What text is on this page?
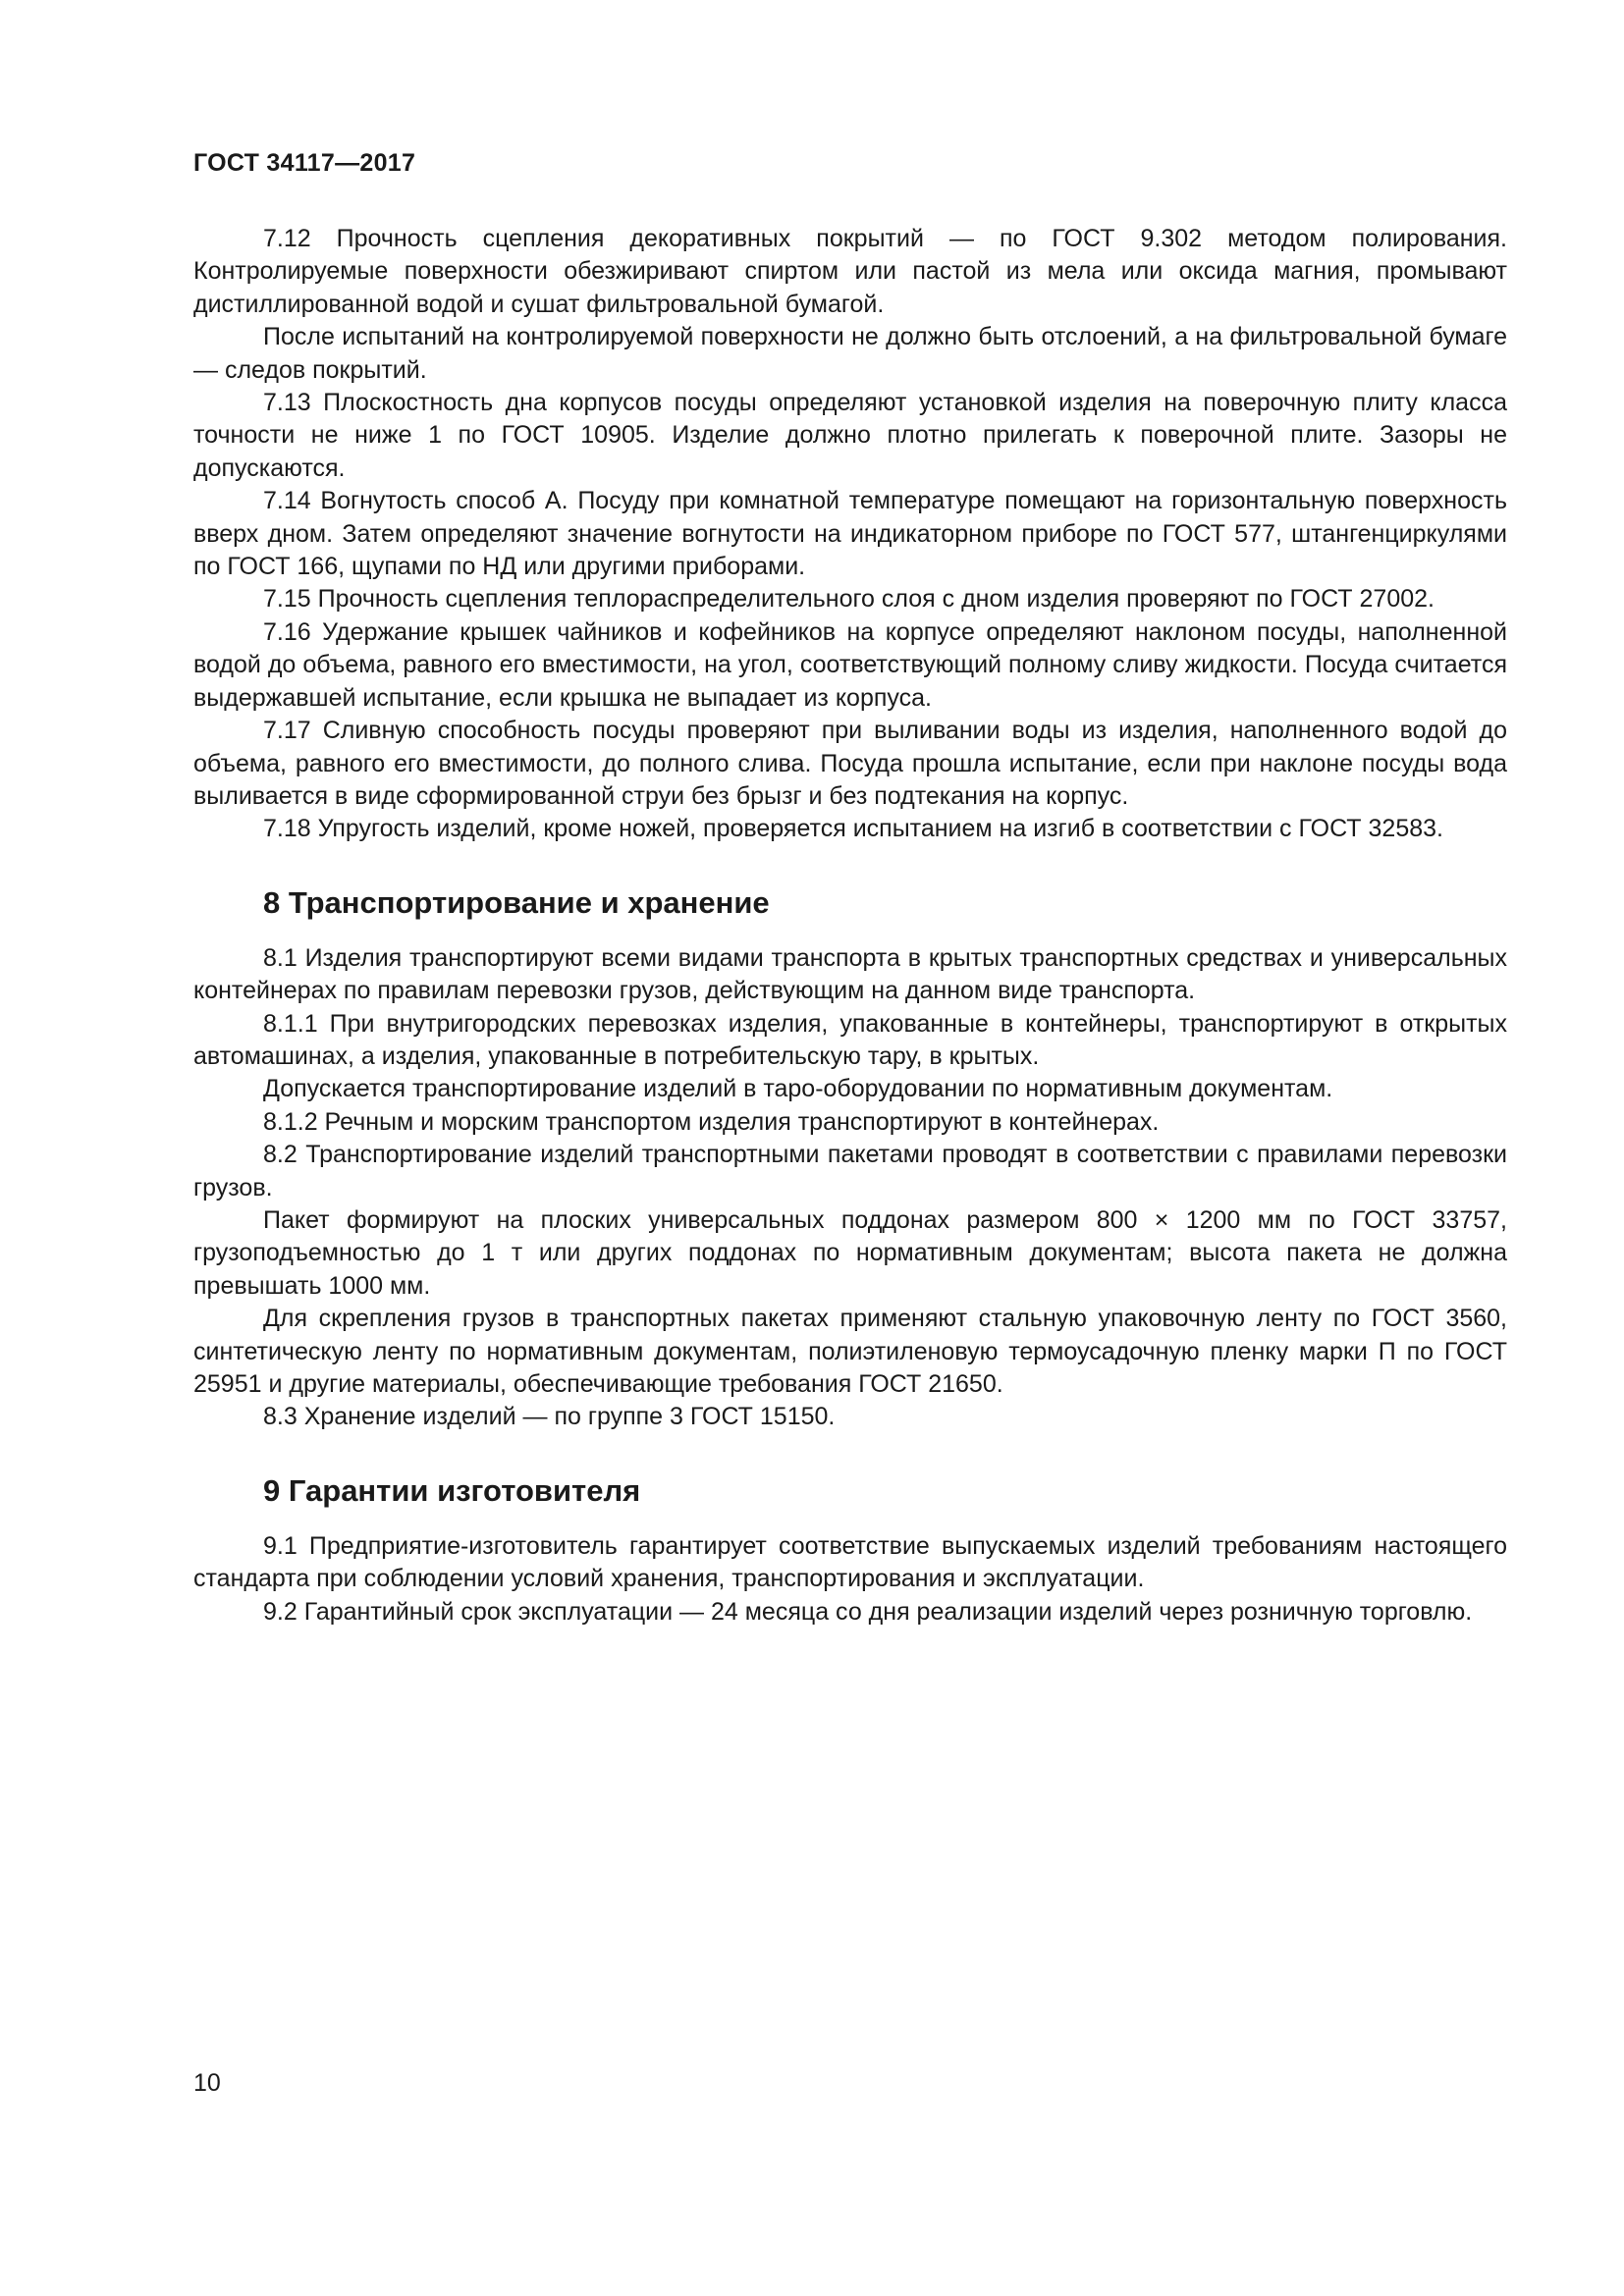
ГОСТ 34117—2017

7.12 Прочность сцепления декоративных покрытий — по ГОСТ 9.302 методом полирования. Контролируемые поверхности обезжиривают спиртом или пастой из мела или оксида магния, промывают дистиллированной водой и сушат фильтровальной бумагой.

После испытаний на контролируемой поверхности не должно быть отслоений, а на фильтровальной бумаге — следов покрытий.

7.13 Плоскостность дна корпусов посуды определяют установкой изделия на поверочную плиту класса точности не ниже 1 по ГОСТ 10905. Изделие должно плотно прилегать к поверочной плите. Зазоры не допускаются.

7.14 Вогнутость способ А. Посуду при комнатной температуре помещают на горизонтальную поверхность вверх дном. Затем определяют значение вогнутости на индикаторном приборе по ГОСТ 577, штангенциркулями по ГОСТ 166, щупами по НД или другими приборами.

7.15 Прочность сцепления теплораспределительного слоя с дном изделия проверяют по ГОСТ 27002.

7.16 Удержание крышек чайников и кофейников на корпусе определяют наклоном посуды, наполненной водой до объема, равного его вместимости, на угол, соответствующий полному сливу жидкости. Посуда считается выдержавшей испытание, если крышка не выпадает из корпуса.

7.17 Сливную способность посуды проверяют при выливании воды из изделия, наполненного водой до объема, равного его вместимости, до полного слива. Посуда прошла испытание, если при наклоне посуды вода выливается в виде сформированной струи без брызг и без подтекания на корпус.

7.18 Упругость изделий, кроме ножей, проверяется испытанием на изгиб в соответствии с ГОСТ 32583.

8 Транспортирование и хранение

8.1 Изделия транспортируют всеми видами транспорта в крытых транспортных средствах и универсальных контейнерах по правилам перевозки грузов, действующим на данном виде транспорта.

8.1.1 При внутригородских перевозках изделия, упакованные в контейнеры, транспортируют в открытых автомашинах, а изделия, упакованные в потребительскую тару, в крытых.

Допускается транспортирование изделий в таро-оборудовании по нормативным документам.

8.1.2 Речным и морским транспортом изделия транспортируют в контейнерах.

8.2 Транспортирование изделий транспортными пакетами проводят в соответствии с правилами перевозки грузов.

Пакет формируют на плоских универсальных поддонах размером 800 × 1200 мм по ГОСТ 33757, грузоподъемностью до 1 т или других поддонах по нормативным документам; высота пакета не должна превышать 1000 мм.

Для скрепления грузов в транспортных пакетах применяют стальную упаковочную ленту по ГОСТ 3560, синтетическую ленту по нормативным документам, полиэтиленовую термоусадочную пленку марки П по ГОСТ 25951 и другие материалы, обеспечивающие требования ГОСТ 21650.

8.3 Хранение изделий — по группе 3 ГОСТ 15150.

9 Гарантии изготовителя

9.1 Предприятие-изготовитель гарантирует соответствие выпускаемых изделий требованиям настоящего стандарта при соблюдении условий хранения, транспортирования и эксплуатации.

9.2 Гарантийный срок эксплуатации — 24 месяца со дня реализации изделий через розничную торговлю.

10
